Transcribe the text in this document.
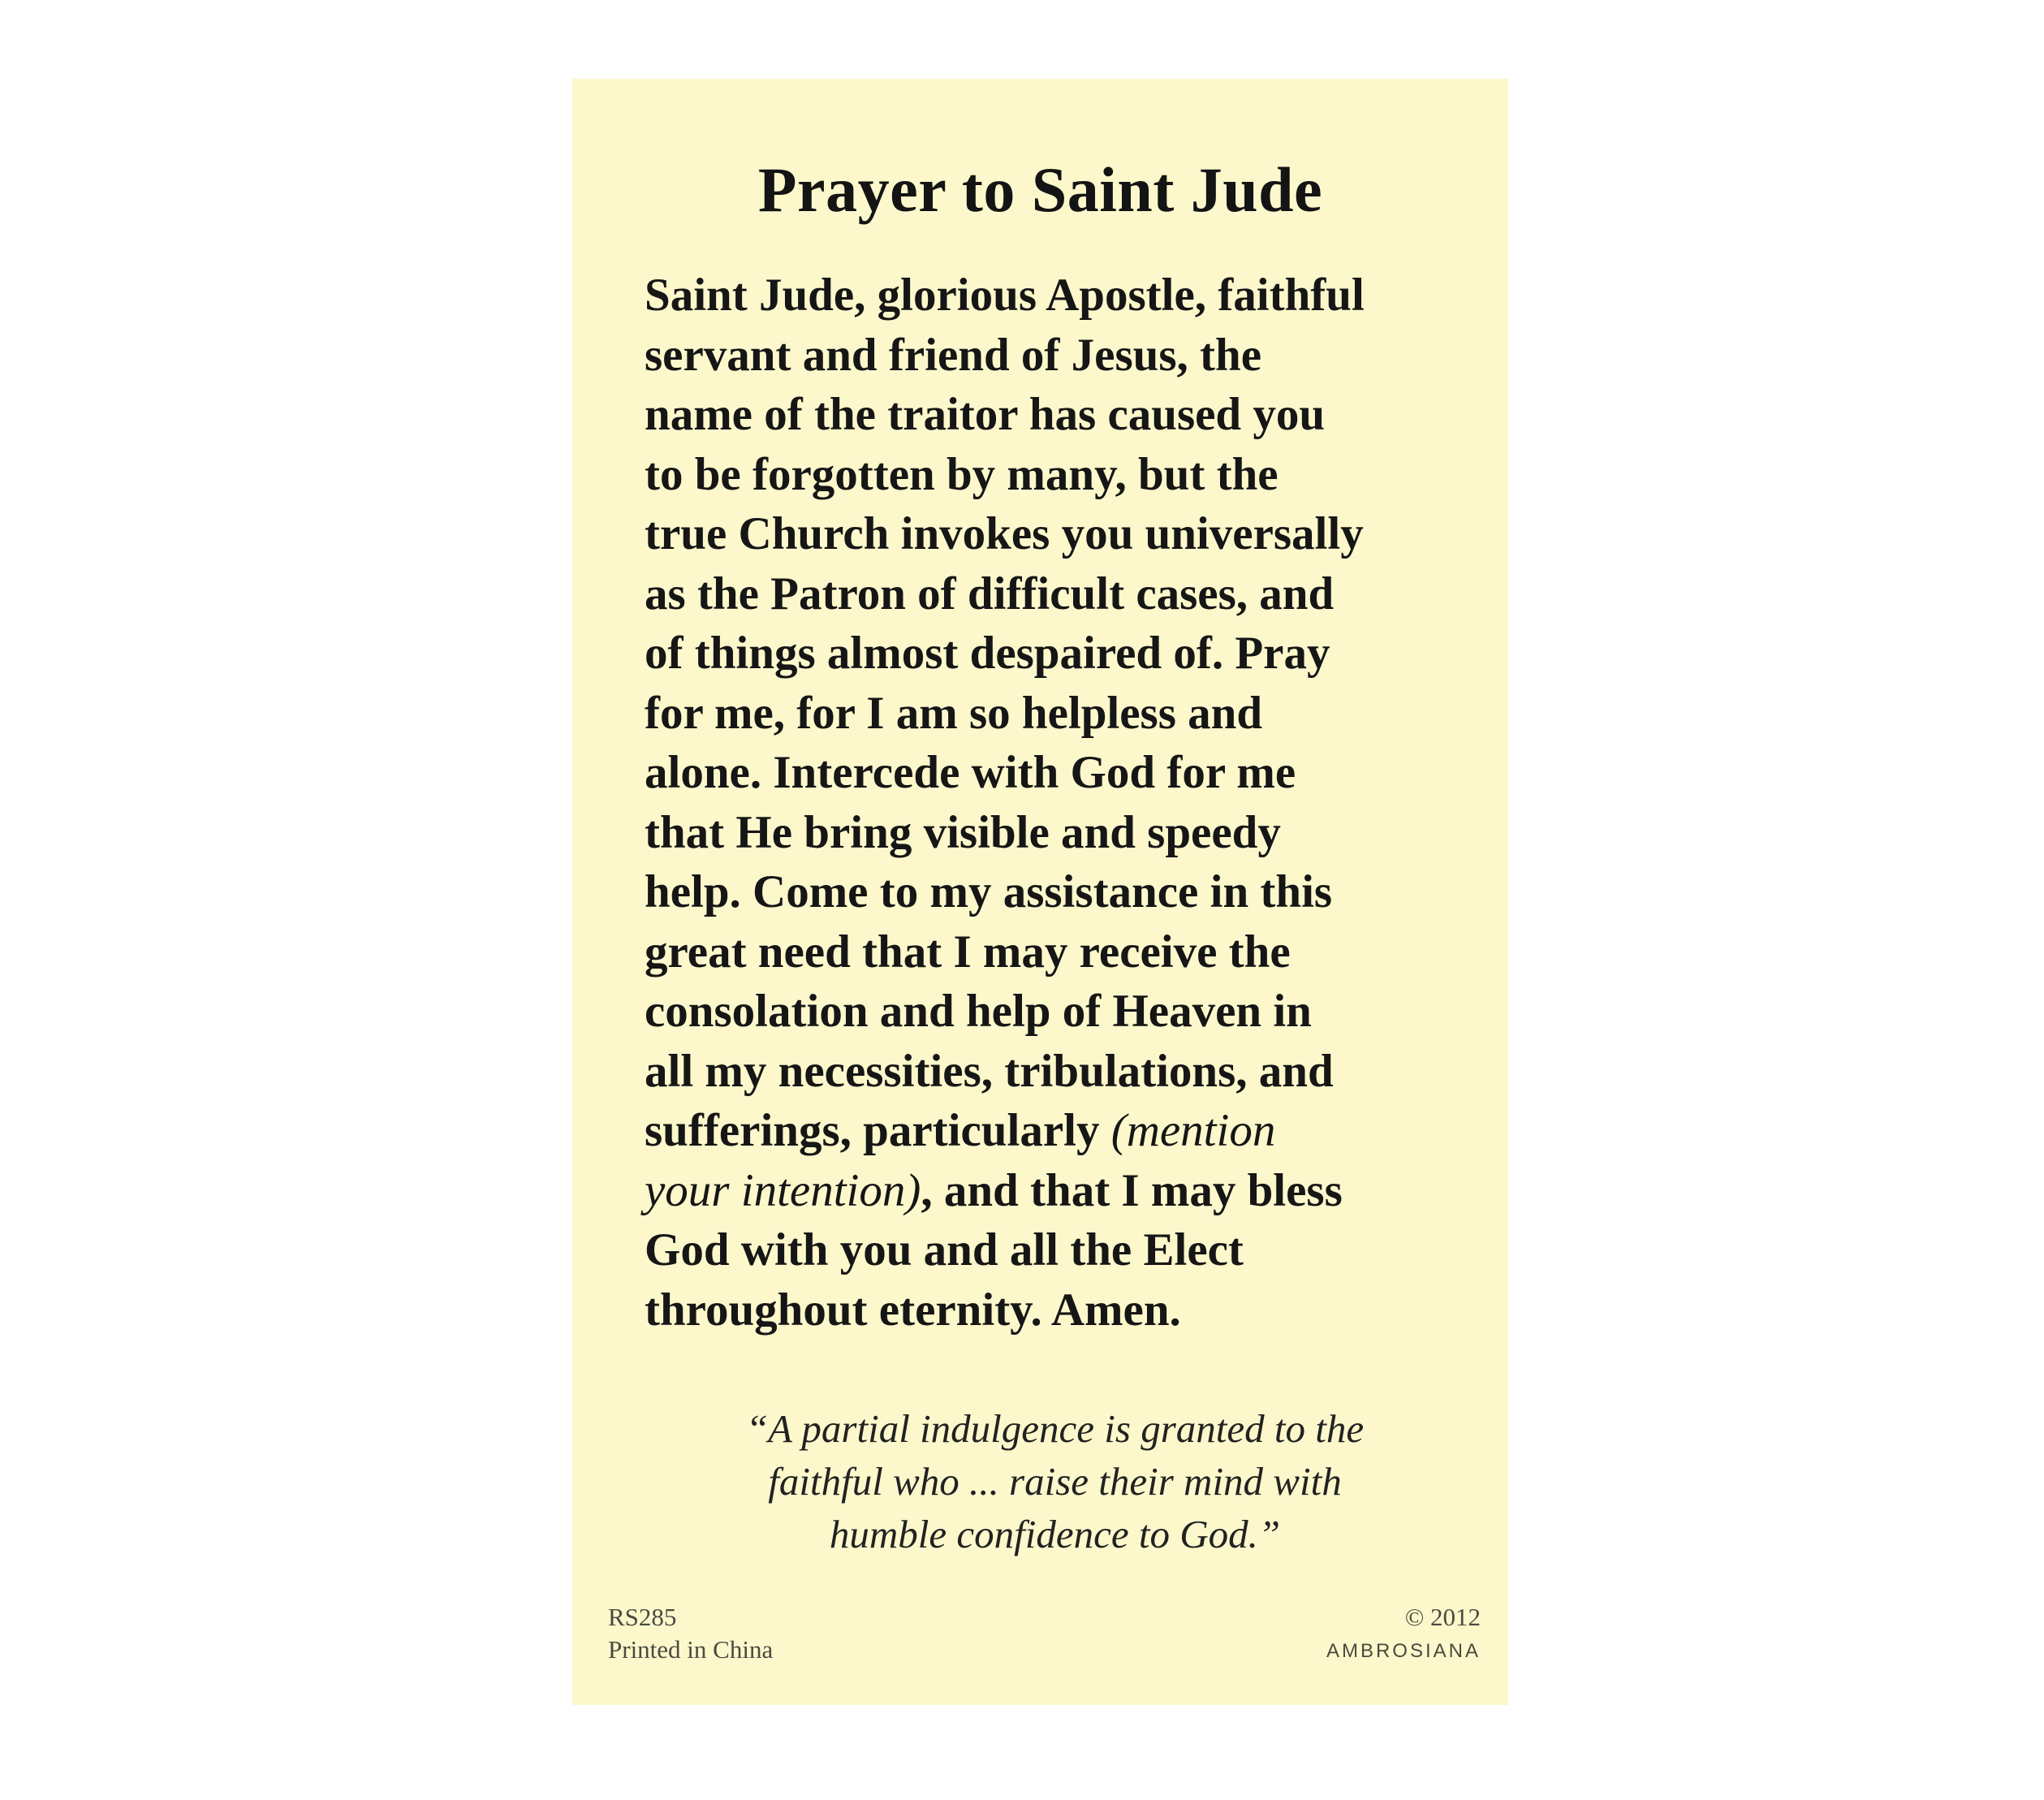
Prayer to Saint Jude

Saint Jude, glorious Apostle, faithful
servant and friend of Jesus, the
name of the traitor has caused you
to be forgotten by many, but the
true Church invokes you universally
as the Patron of difficult cases, and
of things almost despaired of. Pray
for me, for I am so helpless and
alone. Intercede with God for me
that He bring visible and speedy
help. Come to my assistance in this
great need that I may receive the
consolation and help of Heaven in
all my necessities, tribulations, and
sufferings, particularly (mention
your intention), and that I may bless
God with you and all the Elect
throughout eternity. Amen.

“A partial indulgence is granted to the
faithful who ... raise their mind with
humble confidence to God.”

RS285
Printed in China
© 2012
AMBROSIANA
